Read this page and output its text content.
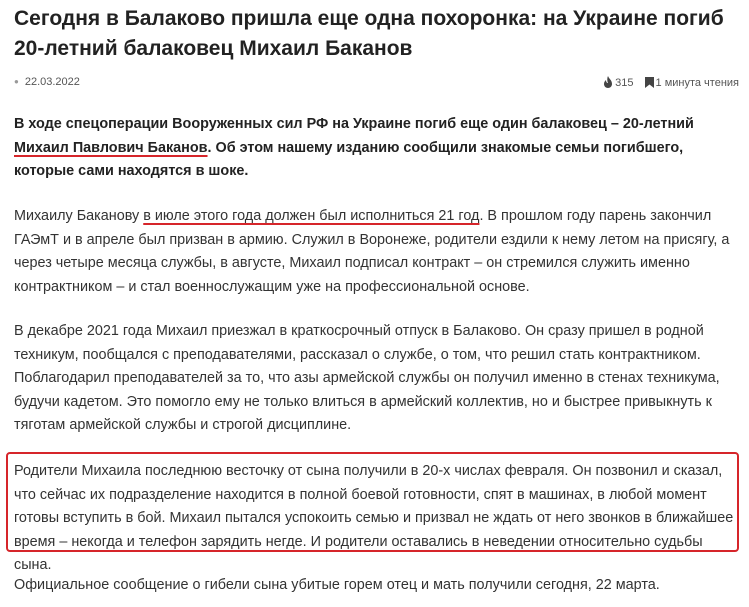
Сегодня в Балаково пришла еще одна похоронка: на Украине погиб 20-летний балаковец Михаил Баканов
● 22.03.2022	315 1 минута чтения

В ходе спецоперации Вооруженных сил РФ на Украине погиб еще один балаковец – 20-летний Михаил Павлович Баканов. Об этом нашему изданию сообщили знакомые семьи погибшего, которые сами находятся в шоке.

Михаилу Баканову в июле этого года должен был исполниться 21 год. В прошлом году парень закончил ГАЭмТ и в апреле был призван в армию. Служил в Воронеже, родители ездили к нему летом на присягу, а через четыре месяца службы, в августе, Михаил подписал контракт – он стремился служить именно контрактником – и стал военнослужащим уже на профессиональной основе.

В декабре 2021 года Михаил приезжал в краткосрочный отпуск в Балаково. Он сразу пришел в родной техникум, пообщался с преподавателями, рассказал о службе, о том, что решил стать контрактником. Поблагодарил преподавателей за то, что азы армейской службы он получил именно в стенах техникума, будучи кадетом. Это помогло ему не только влиться в армейский коллектив, но и быстрее привыкнуть к тяготам армейской службы и строгой дисциплине.

Родители Михаила последнюю весточку от сына получили в 20-х числах февраля. Он позвонил и сказал, что сейчас их подразделение находится в полной боевой готовности, спят в машинах, в любой момент готовы вступить в бой. Михаил пытался успокоить семью и призвал не ждать от него звонков в ближайшее время – некогда и телефон зарядить негде. И родители оставались в неведении относительно судьбы сына.

Официальное сообщение о гибели сына убитые горем отец и мать получили сегодня, 22 марта.
